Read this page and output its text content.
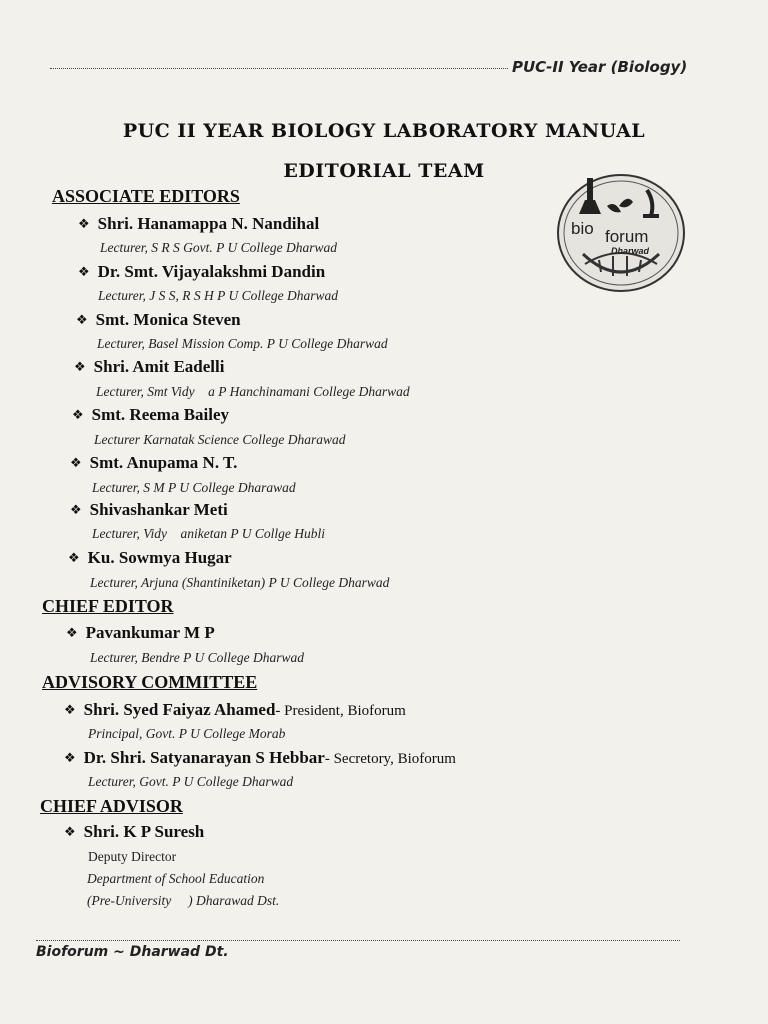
PUC-II Year (Biology)
PUC II YEAR BIOLOGY LABORATORY MANUAL
EDITORIAL TEAM
bio forum
Dharwad
ASSOCIATE EDITORS
❖ Shri. Hanamappa N. Nandihal
Lecturer, S R S Govt. P U College Dharwad
❖ Dr. Smt. Vijayalakshmi Dandin
Lecturer, J S S, R S H P U College Dharwad
❖ Smt. Monica Steven
Lecturer, Basel Mission Comp. P U College Dharwad
❖ Shri. Amit Eadelli
Lecturer, Smt Vidy    a P Hanchinamani College Dharwad
❖ Smt. Reema Bailey
Lecturer Karnatak Science College Dharawad
❖ Smt. Anupama N. T.
Lecturer, S M P U College Dharawad
❖ Shivashankar Meti
Lecturer, Vidy    aniketan P U Collge Hubli
❖ Ku. Sowmya Hugar
Lecturer, Arjuna (Shantiniketan) P U College Dharwad
CHIEF EDITOR
❖ Pavankumar M P
Lecturer, Bendre P U College Dharwad
ADVISORY COMMITTEE
❖ Shri. Syed Faiyaz Ahamed- President, Bioforum
Principal, Govt. P U College Morab
❖ Dr. Shri. Satyanarayan S Hebbar- Secretory, Bioforum
Lecturer, Govt. P U College Dharwad
CHIEF ADVISOR
❖ Shri. K P Suresh
Deputy Director
Department of School Education
(Pre-University     ) Dharawad Dst.
Bioforum ~ Dharwad Dt.
